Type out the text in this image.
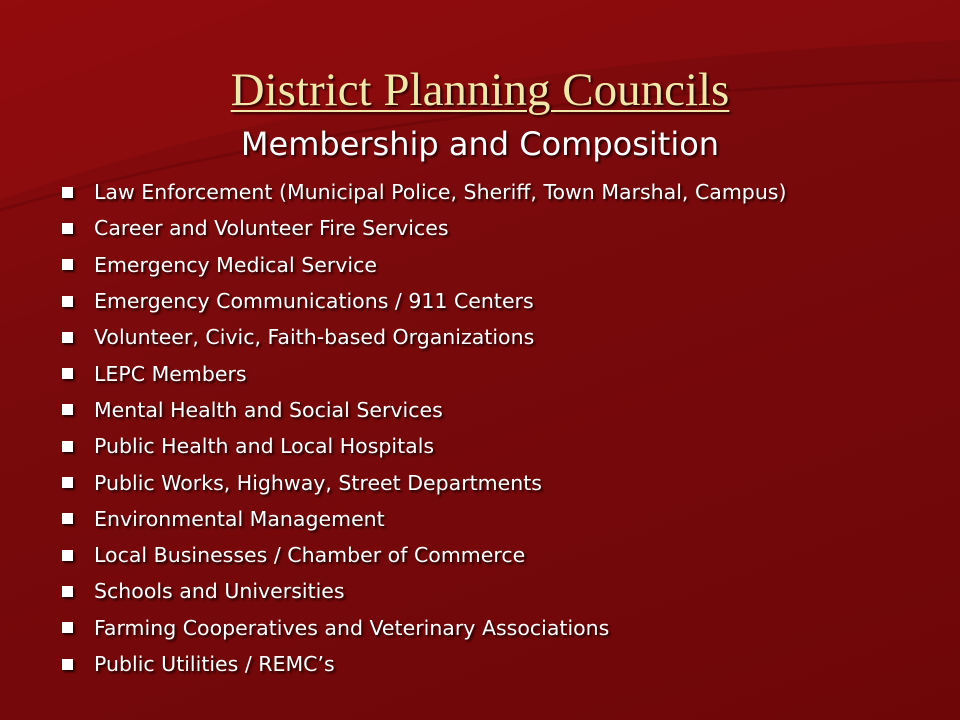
District Planning Councils
Membership and Composition
Law Enforcement (Municipal Police, Sheriff, Town Marshal, Campus)
Career and Volunteer Fire Services
Emergency Medical Service
Emergency Communications / 911 Centers
Volunteer, Civic, Faith-based Organizations
LEPC Members
Mental Health and Social Services
Public Health and Local Hospitals
Public Works, Highway, Street Departments
Environmental Management
Local Businesses / Chamber of Commerce
Schools and Universities
Farming Cooperatives and Veterinary Associations
Public Utilities / REMC’s
